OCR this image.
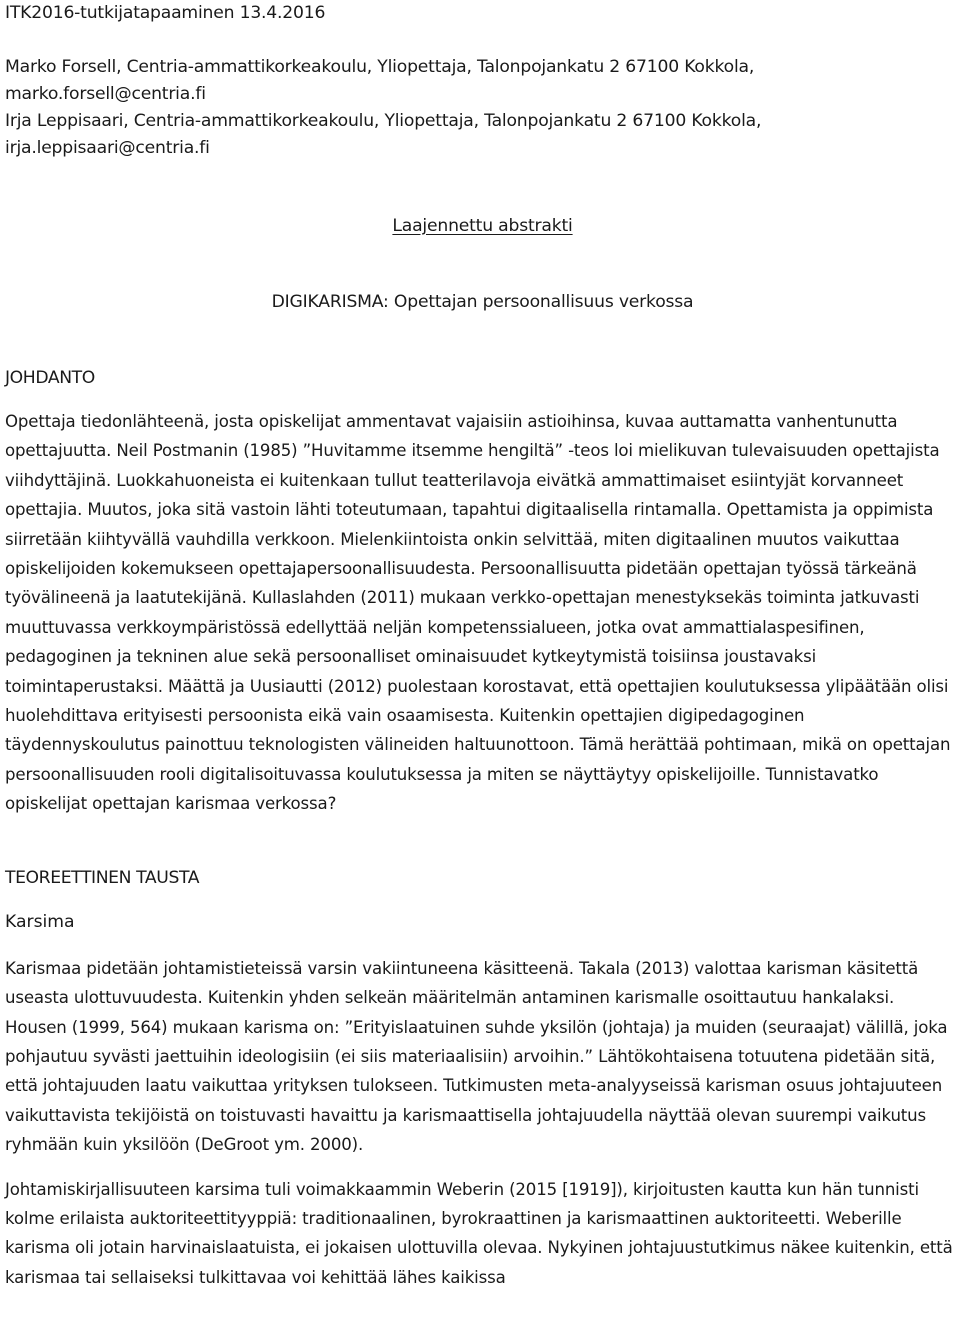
ITK2016-tutkijatapaaminen 13.4.2016
Marko Forsell, Centria-ammattikorkeakoulu, Yliopettaja, Talonpojankatu 2 67100 Kokkola,
marko.forsell@centria.fi
Irja Leppisaari, Centria-ammattikorkeakoulu, Yliopettaja, Talonpojankatu 2 67100 Kokkola,
irja.leppisaari@centria.fi
Laajennettu abstrakti
DIGIKARISMA: Opettajan persoonallisuus verkossa
JOHDANTO

Opettaja tiedonlähteenä, josta opiskelijat ammentavat vajaisiin astioihinsa, kuvaa auttamatta vanhentunutta opettajuutta. Neil Postmanin (1985) ”Huvitamme itsemme hengiltä” -teos loi mielikuvan tulevaisuuden opettajista viihdyttäjinä. Luokkahuoneista ei kuitenkaan tullut teatterilavoja eivätkä ammattimaiset esiintyjät korvanneet opettajia. Muutos, joka sitä vastoin lähti toteutumaan, tapahtui digitaalisella rintamalla. Opettamista ja oppimista siirretään kiihtyvällä vauhdilla verkkoon. Mielenkiintoista onkin selvittää, miten digitaalinen muutos vaikuttaa opiskelijoiden kokemukseen opettajapersoonallisuudesta. Persoonallisuutta pidetään opettajan työssä tärkeänä työvälineenä ja laatutekijänä. Kullaslahden (2011) mukaan verkko-opettajan menestyksekäs toiminta jatkuvasti muuttuvassa verkkoympäristössä edellyttää neljän kompetenssialueen, jotka ovat ammattialaspesifinen, pedagoginen ja tekninen alue sekä persoonalliset ominaisuudet kytkeytymistä toisiinsa joustavaksi toimintaperustaksi. Määttä ja Uusiautti (2012) puolestaan korostavat, että opettajien koulutuksessa ylipäätään olisi huolehdittava erityisesti persoonista eikä vain osaamisesta. Kuitenkin opettajien digipedagoginen täydennyskoulutus painottuu teknologisten välineiden haltuunottoon. Tämä herättää pohtimaan, mikä on opettajan persoonallisuuden rooli digitalisoituvassa koulutuksessa ja miten se näyttäytyy opiskelijoille. Tunnistavatko opiskelijat opettajan karismaa verkossa?

TEOREETTINEN TAUSTA
Karsima

Karismaa pidetään johtamistieteissä varsin vakiintuneena käsitteenä. Takala (2013) valottaa karisman käsitettä useasta ulottuvuudesta. Kuitenkin yhden selkeän määritelmän antaminen karismalle osoittautuu hankalaksi. Housen (1999, 564) mukaan karisma on: ”Erityislaatuinen suhde yksilön (johtaja) ja muiden (seuraajat) välillä, joka pohjautuu syvästi jaettuihin ideologisiin (ei siis materiaalisiin) arvoihin.” Lähtökohtaisena totuutena pidetään sitä, että johtajuuden laatu vaikuttaa yrityksen tulokseen. Tutkimusten meta-analyyseissä karisman osuus johtajuuteen vaikuttavista tekijöistä on toistuvasti havaittu ja karismaattisella johtajuudella näyttää olevan suurempi vaikutus ryhmään kuin yksilöön (DeGroot ym. 2000).

Johtamiskirjallisuuteen karsima tuli voimakkaammin Weberin (2015 [1919]), kirjoitusten kautta kun hän tunnisti kolme erilaista auktoriteettityyppiä: traditionaalinen, byrokraattinen ja karismaattinen auktoriteetti. Weberille karisma oli jotain harvinaislaatuista, ei jokaisen ulottuvilla olevaa. Nykyinen johtajuustutkimus näkee kuitenkin, että karismaa tai sellaiseksi tulkittavaa voi kehittää lähes kaikissa
